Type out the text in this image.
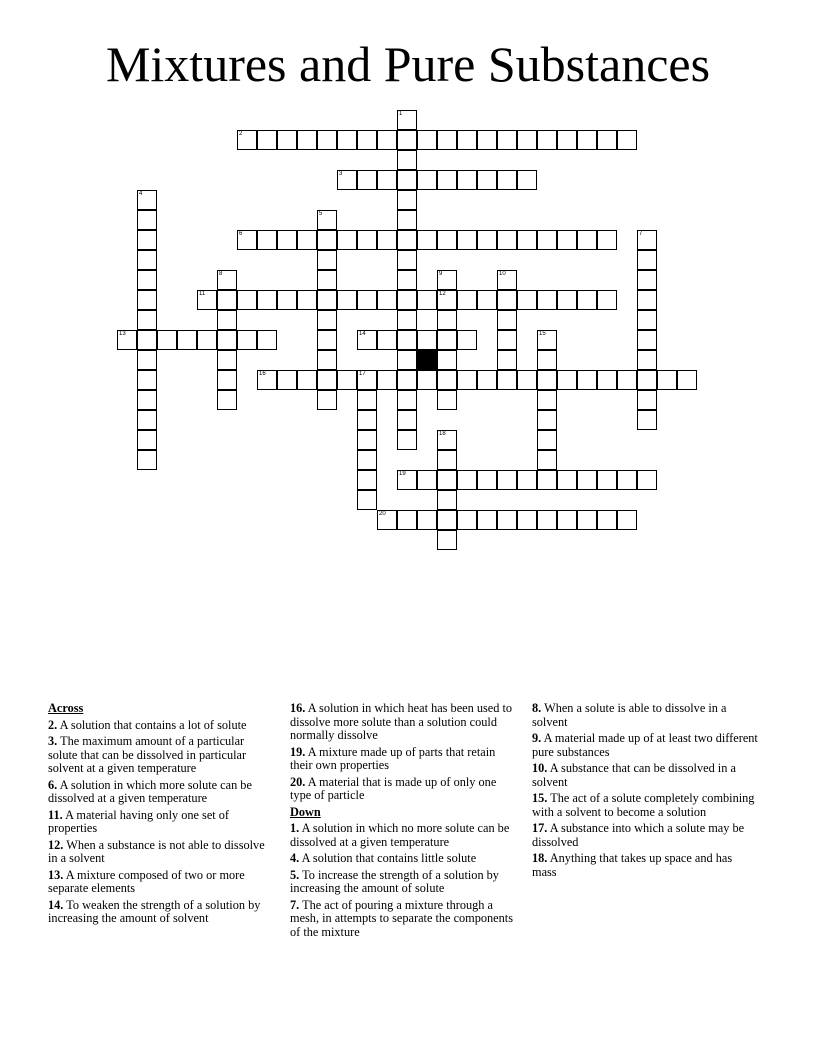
Mixtures and Pure Substances
2
3
6
11	12
13	14
16	17
19
20
1
4
5
7
8	9	10
15
18
Across
2. A solution that contains a lot of solute
3. The maximum amount of a particular solute that can be dissolved in particular solvent at a given temperature
6. A solution in which more solute can be dissolved at a given temperature
11. A material having only one set of properties
12. When a substance is not able to dissolve in a solvent
13. A mixture composed of two or more separate elements
14. To weaken the strength of a solution by increasing the amount of solvent
16. A solution in which heat has been used to dissolve more solute than a solution could normally dissolve
19. A mixture made up of parts that retain their own properties
20. A material that is made up of only one type of particle
Down
1. A solution in which no more solute can be dissolved at a given temperature
4. A solution that contains little solute
5. To increase the strength of a solution by increasing the amount of solute
7. The act of pouring a mixture through a mesh, in attempts to separate the components of the mixture
8. When a solute is able to dissolve in a solvent
9. A material made up of at least two different pure substances
10. A substance that can be dissolved in a solvent
15. The act of a solute completely combining with a solvent to become a solution
17. A substance into which a solute may be dissolved
18. Anything that takes up space and has mass
